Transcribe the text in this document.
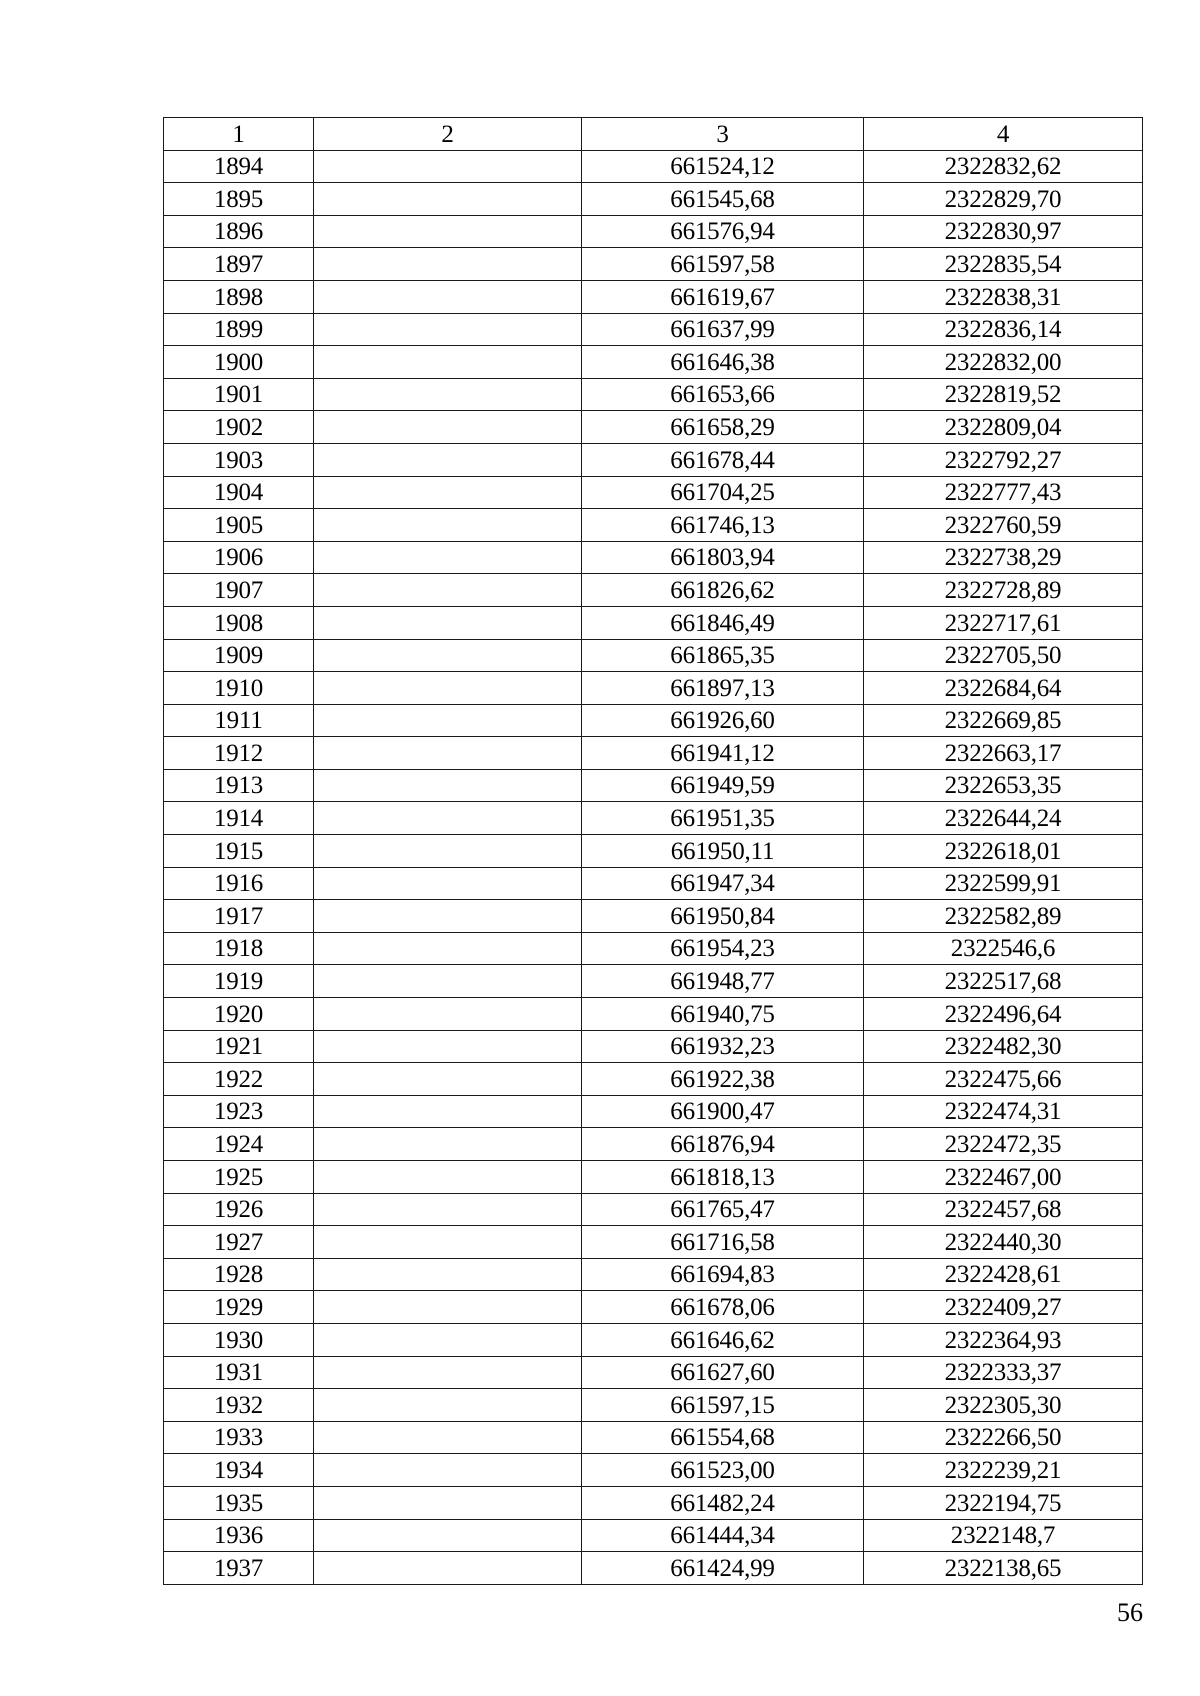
1	2	3	4
1894		661524,12	2322832,62
1895		661545,68	2322829,70
1896		661576,94	2322830,97
1897		661597,58	2322835,54
1898		661619,67	2322838,31
1899		661637,99	2322836,14
1900		661646,38	2322832,00
1901		661653,66	2322819,52
1902		661658,29	2322809,04
1903		661678,44	2322792,27
1904		661704,25	2322777,43
1905		661746,13	2322760,59
1906		661803,94	2322738,29
1907		661826,62	2322728,89
1908		661846,49	2322717,61
1909		661865,35	2322705,50
1910		661897,13	2322684,64
1911		661926,60	2322669,85
1912		661941,12	2322663,17
1913		661949,59	2322653,35
1914		661951,35	2322644,24
1915		661950,11	2322618,01
1916		661947,34	2322599,91
1917		661950,84	2322582,89
1918		661954,23	2322546,6
1919		661948,77	2322517,68
1920		661940,75	2322496,64
1921		661932,23	2322482,30
1922		661922,38	2322475,66
1923		661900,47	2322474,31
1924		661876,94	2322472,35
1925		661818,13	2322467,00
1926		661765,47	2322457,68
1927		661716,58	2322440,30
1928		661694,83	2322428,61
1929		661678,06	2322409,27
1930		661646,62	2322364,93
1931		661627,60	2322333,37
1932		661597,15	2322305,30
1933		661554,68	2322266,50
1934		661523,00	2322239,21
1935		661482,24	2322194,75
1936		661444,34	2322148,7
1937		661424,99	2322138,65
56
